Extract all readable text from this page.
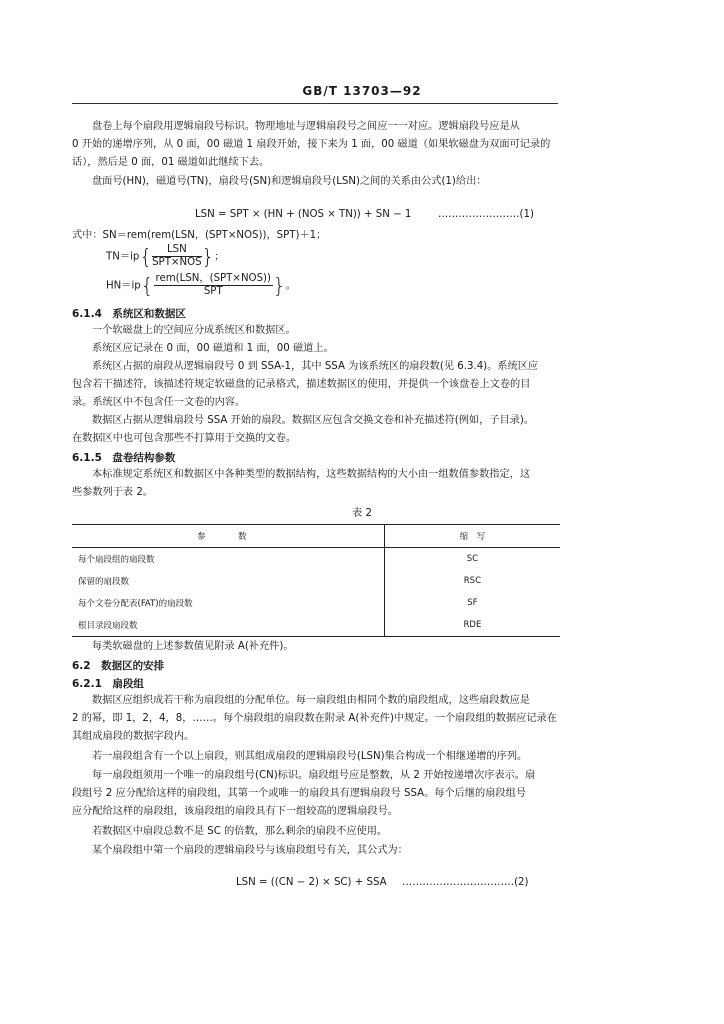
GB/T 13703—92
盘卷上每个扇段用逻辑扇段号标识。物理地址与逻辑扇段号之间应一一对应。逻辑扇段号应是从
0 开始的递增序列，从 0 面，00 磁道 1 扇段开始，接下来为 1 面，00 磁道（如果软磁盘为双面可记录的
话），然后是 0 面，01 磁道如此继续下去。
盘面号(HN)，磁道号(TN)，扇段号(SN)和逻辑扇段号(LSN)之间的关系由公式(1)给出：
LSN = SPT × (HN + (NOS × TN)) + SN − 1	……………………(1)
式中：SN＝rem(rem(LSN，(SPT×NOS))，SPT)＋1；
$TN=ip\{ \frac{\text{LSN}}{\text{SPT×NOS}}$ }；
$HN=ip\{ \frac{\text{rem(LSN，(SPT×NOS))}}{\text{SPT}}$ }。
6.1.4　系统区和数据区
一个软磁盘上的空间应分成系统区和数据区。
系统区应记录在 0 面，00 磁道和 1 面，00 磁道上。
系统区占据的扇段从逻辑扇段号 0 到 SSA-1，其中 SSA 为该系统区的扇段数(见 6.3.4)。系统区应
包含若干描述符，该描述符规定软磁盘的记录格式，描述数据区的使用，并提供一个该盘卷上文卷的目
录。系统区中不包含任一文卷的内容。
数据区占据从逻辑扇段号 SSA 开始的扇段。数据区应包含交换文卷和补充描述符(例如，子目录)。
在数据区中也可包含那些不打算用于交换的文卷。
6.1.5　盘卷结构参数
本标准规定系统区和数据区中各种类型的数据结构，这些数据结构的大小由一组数值参数指定，这
些参数列于表 2。
表 2
参　数	缩　写
每个扇段组的扇段数	SC
保留的扇段数	RSC
每个文卷分配表(FAT)的扇段数	SF
根目录段扇段数	RDE
每类软磁盘的上述参数值见附录 A(补充件)。
6.2　数据区的安排
6.2.1　扇段组
数据区应组织成若干称为扇段组的分配单位。每一扇段组由相同个数的扇段组成，这些扇段数应是
2 的幂，即 1，2，4，8，……。每个扇段组的扇段数在附录 A(补充件)中规定。一个扇段组的数据应记录在
其组成扇段的数据字段内。
若一扇段组含有一个以上扇段，则其组成扇段的逻辑扇段号(LSN)集合构成一个相继递增的序列。
每一扇段组须用一个唯一的扇段组号(CN)标识。扇段组号应是整数，从 2 开始按递增次序表示。扇
段组号 2 应分配给这样的扇段组，其第一个或唯一的扇段具有逻辑扇段号 SSA。每个后继的扇段组号
应分配给这样的扇段组，该扇段组的扇段具有下一组较高的逻辑扇段号。
若数据区中扇段总数不是 SC 的倍数，那么剩余的扇段不应使用。
某个扇段组中第一个扇段的逻辑扇段号与该扇段组号有关，其公式为：
LSN = ((CN − 2) × SC) + SSA ……………………………(2)
